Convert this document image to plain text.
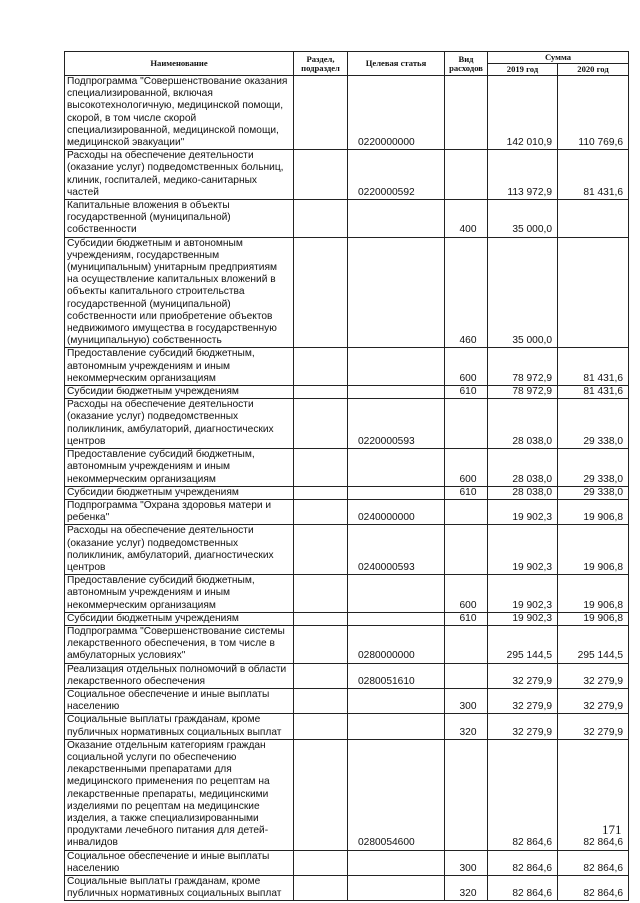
Наименование	Раздел, подраздел	Целевая статья	Вид расходов	Сумма	
				2019 год	2020 год
Подпрограмма "Совершенствование оказания специализированной, включая высокотехнологичную, медицинской помощи, скорой, в том числе скорой специализированной, медицинской помощи, медицинской эвакуации"		0220000000		142 010,9	110 769,6
Расходы на обеспечение деятельности (оказание услуг) подведомственных больниц, клиник, госпиталей, медико-санитарных частей		0220000592		113 972,9	81 431,6
Капитальные вложения в объекты государственной (муниципальной) собственности			400	35 000,0	
Субсидии бюджетным и автономным учреждениям, государственным (муниципальным) унитарным предприятиям на осуществление капитальных вложений в объекты капитального строительства государственной (муниципальной) собственности или приобретение объектов недвижимого имущества в государственную (муниципальную) собственность			460	35 000,0	
Предоставление субсидий бюджетным, автономным учреждениям и иным некоммерческим организациям			600	78 972,9	81 431,6
Субсидии бюджетным учреждениям			610	78 972,9	81 431,6
Расходы на обеспечение деятельности (оказание услуг) подведомственных поликлиник, амбулаторий, диагностических центров		0220000593		28 038,0	29 338,0
Предоставление субсидий бюджетным, автономным учреждениям и иным некоммерческим организациям			600	28 038,0	29 338,0
Субсидии бюджетным учреждениям			610	28 038,0	29 338,0
Подпрограмма "Охрана здоровья матери и ребенка"		0240000000		19 902,3	19 906,8
Расходы на обеспечение деятельности (оказание услуг) подведомственных поликлиник, амбулаторий, диагностических центров		0240000593		19 902,3	19 906,8
Предоставление субсидий бюджетным, автономным учреждениям и иным некоммерческим организациям			600	19 902,3	19 906,8
Субсидии бюджетным учреждениям			610	19 902,3	19 906,8
Подпрограмма "Совершенствование системы лекарственного обеспечения, в том числе в амбулаторных условиях"		0280000000		295 144,5	295 144,5
Реализация отдельных полномочий в области лекарственного обеспечения		0280051610		32 279,9	32 279,9
Социальное обеспечение и иные выплаты населению			300	32 279,9	32 279,9
Социальные выплаты гражданам, кроме публичных нормативных социальных выплат			320	32 279,9	32 279,9
Оказание отдельным категориям граждан социальной услуги по обеспечению лекарственными препаратами для медицинского применения по рецептам на лекарственные препараты, медицинскими изделиями по рецептам на медицинские изделия, а также специализированными продуктами лечебного питания для детей-инвалидов		0280054600		82 864,6	82 864,6
Социальное обеспечение и иные выплаты населению			300	82 864,6	82 864,6
Социальные выплаты гражданам, кроме публичных нормативных социальных выплат			320	82 864,6	82 864,6
171
